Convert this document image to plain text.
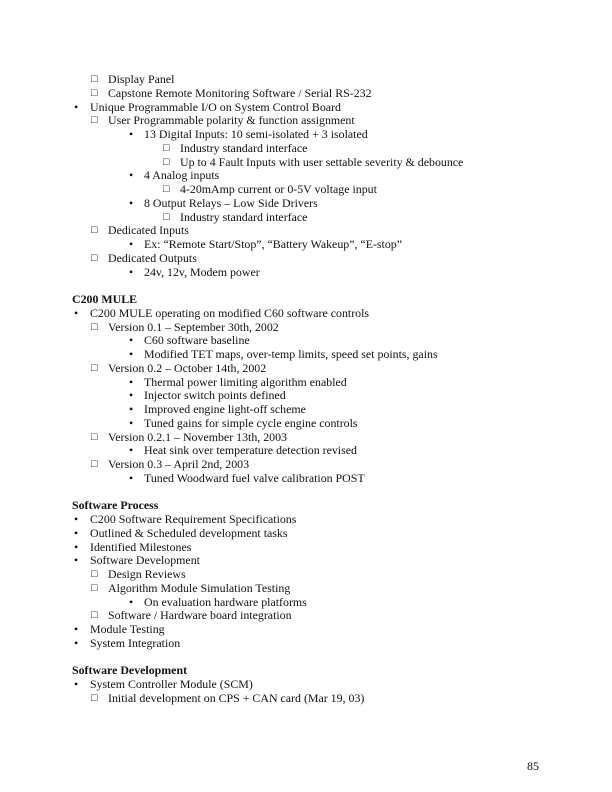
□ Display Panel
□ Capstone Remote Monitoring Software / Serial RS-232
• Unique Programmable I/O on System Control Board
□ User Programmable polarity & function assignment
• 13 Digital Inputs: 10 semi-isolated + 3 isolated
□ Industry standard interface
□ Up to 4 Fault Inputs with user settable severity & debounce
• 4 Analog inputs
□ 4-20mAmp current or 0-5V voltage input
• 8 Output Relays – Low Side Drivers
□ Industry standard interface
□ Dedicated Inputs
• Ex: “Remote Start/Stop”, “Battery Wakeup”, “E-stop”
□ Dedicated Outputs
• 24v, 12v, Modem power
C200 MULE
• C200 MULE operating on modified C60 software controls
□ Version 0.1 – September 30th, 2002
• C60 software baseline
• Modified TET maps, over-temp limits, speed set points, gains
□ Version 0.2 – October 14th, 2002
• Thermal power limiting algorithm enabled
• Injector switch points defined
• Improved engine light-off scheme
• Tuned gains for simple cycle engine controls
□ Version 0.2.1 – November 13th, 2003
• Heat sink over temperature detection revised
□ Version 0.3 – April 2nd, 2003
• Tuned Woodward fuel valve calibration POST
Software Process
• C200 Software Requirement Specifications
• Outlined & Scheduled development tasks
• Identified Milestones
• Software Development
□ Design Reviews
□ Algorithm Module Simulation Testing
• On evaluation hardware platforms
□ Software / Hardware board integration
• Module Testing
• System Integration
Software Development
• System Controller Module (SCM)
□ Initial development on CPS + CAN card (Mar 19, 03)
85
